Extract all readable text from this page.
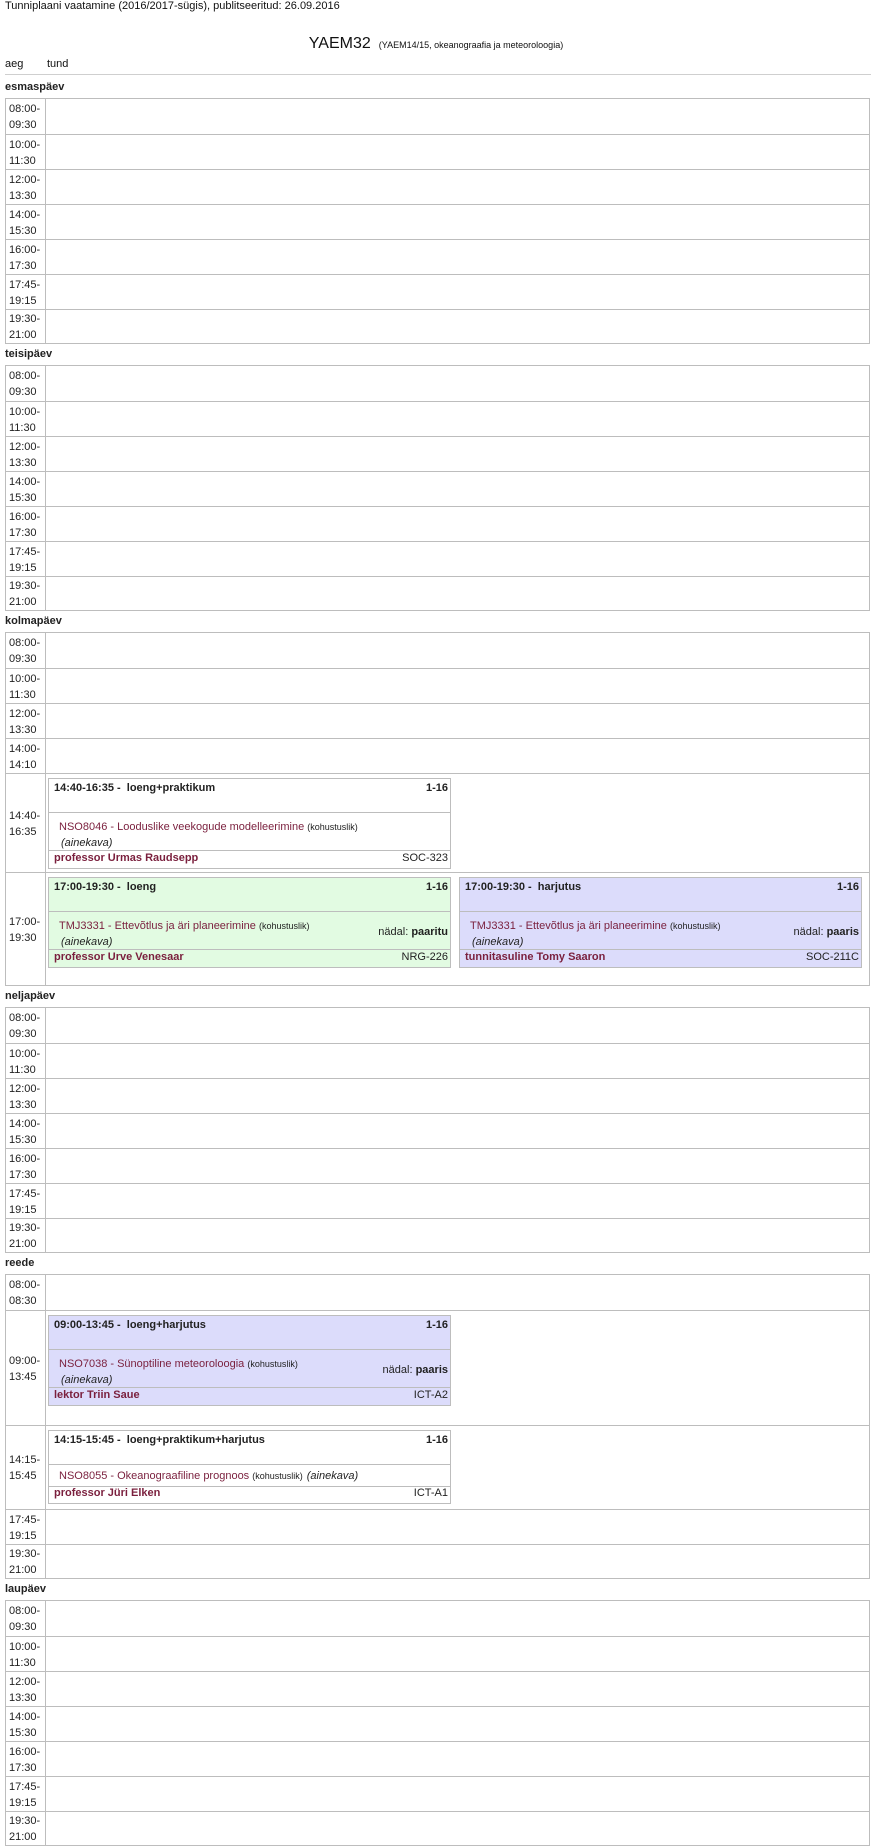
Tunniplaani vaatamine (2016/2017-sügis), publitseeritud: 26.09.2016
YAEM32 (YAEM14/15, okeanograafia ja meteoroloogia)
aeg tund
esmaspäev
08:00-
09:30
10:00-
11:30
12:00-
13:30
14:00-
15:30
16:00-
17:30
17:45-
19:15
19:30-
21:00
teisipäev
08:00-
09:30
10:00-
11:30
12:00-
13:30
14:00-
15:30
16:00-
17:30
17:45-
19:15
19:30-
21:00
kolmapäev
08:00-
09:30
10:00-
11:30
12:00-
13:30
14:00-
14:10
14:40-
16:35
14:40-16:35 - loeng+praktikum	1-16
NSO8046 - Looduslike veekogude modelleerimine (kohustuslik)
(ainekava)
professor Urmas Raudsepp	SOC-323
17:00-
19:30
17:00-19:30 - loeng	1-16
TMJ3331 - Ettevõtlus ja äri planeerimine (kohustuslik)
(ainekava)
nädal: paaritu
professor Urve Venesaar	NRG-226
17:00-19:30 - harjutus	1-16
TMJ3331 - Ettevõtlus ja äri planeerimine (kohustuslik)
(ainekava)
nädal: paaris
tunnitasuline Tomy Saaron	SOC-211C
neljapäev
08:00-
09:30
10:00-
11:30
12:00-
13:30
14:00-
15:30
16:00-
17:30
17:45-
19:15
19:30-
21:00
reede
08:00-
08:30
09:00-
13:45
09:00-13:45 - loeng+harjutus	1-16
NSO7038 - Sünoptiline meteoroloogia (kohustuslik)
(ainekava)
nädal: paaris
lektor Triin Saue	ICT-A2
14:15-
15:45
14:15-15:45 - loeng+praktikum+harjutus	1-16
NSO8055 - Okeanograafiline prognoos (kohustuslik) (ainekava)
professor Jüri Elken	ICT-A1
17:45-
19:15
19:30-
21:00
laupäev
08:00-
09:30
10:00-
11:30
12:00-
13:30
14:00-
15:30
16:00-
17:30
17:45-
19:15
19:30-
21:00
